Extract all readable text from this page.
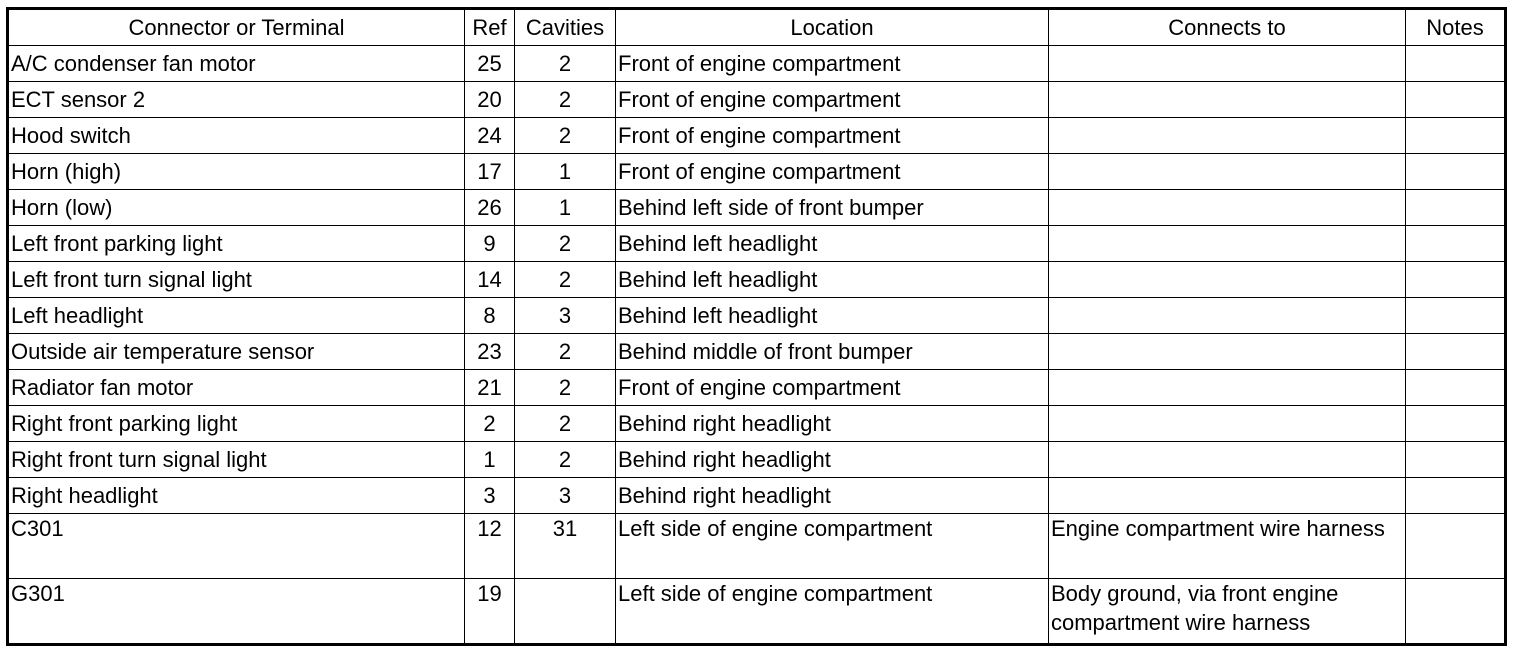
Connector or Terminal	Ref	Cavities	Location	Connects to	Notes
A/C condenser fan motor	25	2	Front of engine compartment		
ECT sensor 2	20	2	Front of engine compartment		
Hood switch	24	2	Front of engine compartment		
Horn (high)	17	1	Front of engine compartment		
Horn (low)	26	1	Behind left side of front bumper		
Left front parking light	9	2	Behind left headlight		
Left front turn signal light	14	2	Behind left headlight		
Left headlight	8	3	Behind left headlight		
Outside air temperature sensor	23	2	Behind middle of front bumper		
Radiator fan motor	21	2	Front of engine compartment		
Right front parking light	2	2	Behind right headlight		
Right front turn signal light	1	2	Behind right headlight		
Right headlight	3	3	Behind right headlight		
C301	12	31	Left side of engine compartment	Engine compartment wire harness	
G301	19		Left side of engine compartment	Body ground, via front engine compartment wire harness	
